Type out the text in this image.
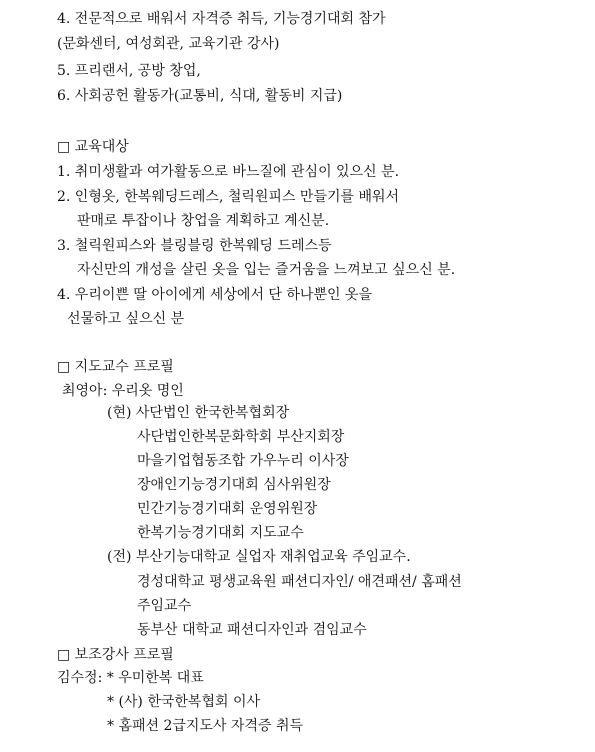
4. 전문적으로 배워서 자격증 취득, 기능경기대회 참가
(문화센터, 여성회관, 교육기관 강사)
5. 프리랜서, 공방 창업,
6. 사회공헌 활동가(교통비, 식대, 활동비 지급)
□ 교육대상
1. 취미생활과 여가활동으로 바느질에 관심이 있으신 분.
2. 인형옷, 한복웨딩드레스, 철릭원피스 만들기를 배워서
판매로 투잡이나 창업을 계획하고 계신분.
3. 철릭원피스와 블링블링 한복웨딩 드레스등
자신만의 개성을 살린 옷을 입는 즐거움을 느껴보고 싶으신 분.
4. 우리이쁜 딸 아이에게 세상에서 단 하나뿐인 옷을
선물하고 싶으신 분
□ 지도교수 프로필
최영아: 우리옷 명인
(현) 사단법인 한국한복협회장
사단법인한복문화학회 부산지회장
마을기업협동조합 가우누리 이사장
장애인기능경기대회 심사위원장
민간기능경기대회 운영위원장
한복기능경기대회 지도교수
(전) 부산기능대학교 실업자 재취업교육 주임교수.
경성대학교 평생교육원 패션디자인/ 애견패션/ 홈패션
주임교수
동부산 대학교 패션디자인과 겸임교수
□ 보조강사 프로필
김수정: * 우미한복 대표
* (사) 한국한복협회 이사
* 홈패션 2급지도사 자격증 취득
